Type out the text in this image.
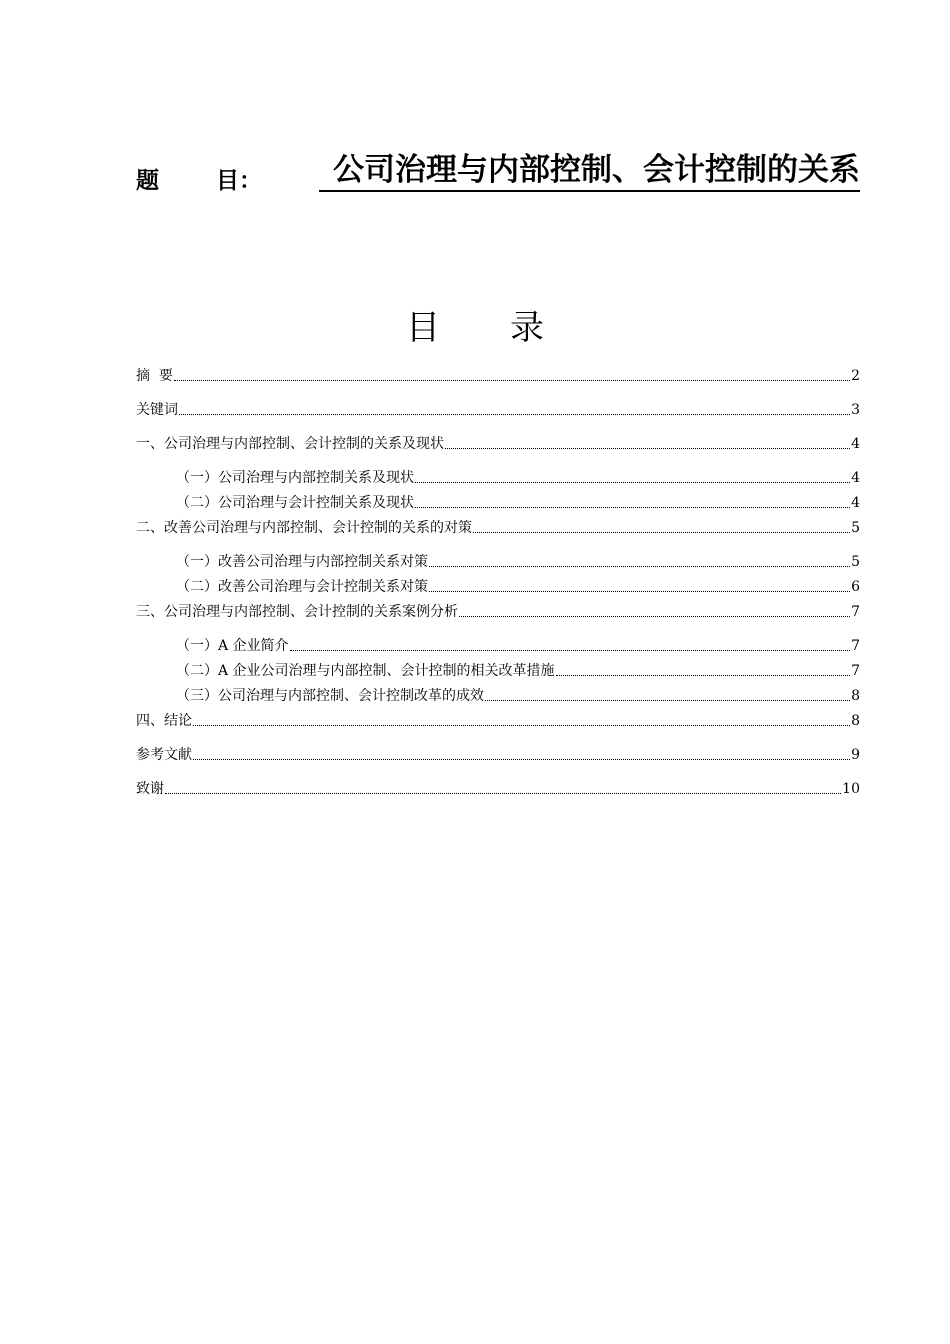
题 目：	公司治理与内部控制、会计控制的关系
目 录
摘  要	2
关键词	3
一、公司治理与内部控制、会计控制的关系及现状	4
（一）公司治理与内部控制关系及现状	4
（二）公司治理与会计控制关系及现状	4
二、改善公司治理与内部控制、会计控制的关系的对策	5
（一）改善公司治理与内部控制关系对策	5
（二）改善公司治理与会计控制关系对策	6
三、公司治理与内部控制、会计控制的关系案例分析	7
（一）A 企业简介	7
（二）A 企业公司治理与内部控制、会计控制的相关改革措施	7
（三）公司治理与内部控制、会计控制改革的成效	8
四、结论	8
参考文献	9
致谢	10
